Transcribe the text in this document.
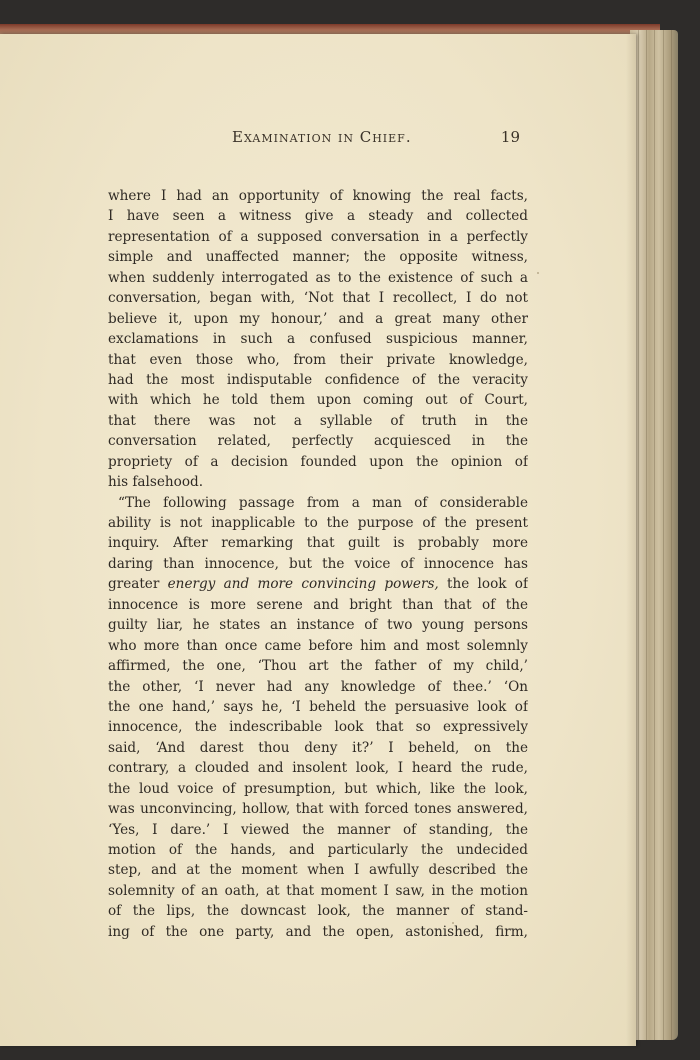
Examination in Chief.	19
where I had an opportunity of knowing the real facts,
I have seen a witness give a steady and collected
representation of a supposed conversation in a perfectly
simple and unaffected manner; the opposite witness,
when suddenly interrogated as to the existence of such a
conversation, began with, ‘Not that I recollect, I do not
believe it, upon my honour,’ and a great many other
exclamations in such a confused suspicious manner,
that even those who, from their private knowledge,
had the most indisputable confidence of the veracity
with which he told them upon coming out of Court,
that there was not a syllable of truth in the
conversation related, perfectly acquiesced in the
propriety of a decision founded upon the opinion of
his falsehood.
“The following passage from a man of considerable
ability is not inapplicable to the purpose of the present
inquiry. After remarking that guilt is probably more
daring than innocence, but the voice of innocence has
greater energy and more convincing powers, the look of
innocence is more serene and bright than that of the
guilty liar, he states an instance of two young persons
who more than once came before him and most solemnly
affirmed, the one, ‘Thou art the father of my child,’
the other, ‘I never had any knowledge of thee.’ ‘On
the one hand,’ says he, ‘I beheld the persuasive look of
innocence, the indescribable look that so expressively
said, ‘And darest thou deny it?’ I beheld, on the
contrary, a clouded and insolent look, I heard the rude,
the loud voice of presumption, but which, like the look,
was unconvincing, hollow, that with forced tones answered,
‘Yes, I dare.’ I viewed the manner of standing, the
motion of the hands, and particularly the undecided
step, and at the moment when I awfully described the
solemnity of an oath, at that moment I saw, in the motion
of the lips, the downcast look, the manner of stand-
ing of the one party, and the open, astonished, firm,
